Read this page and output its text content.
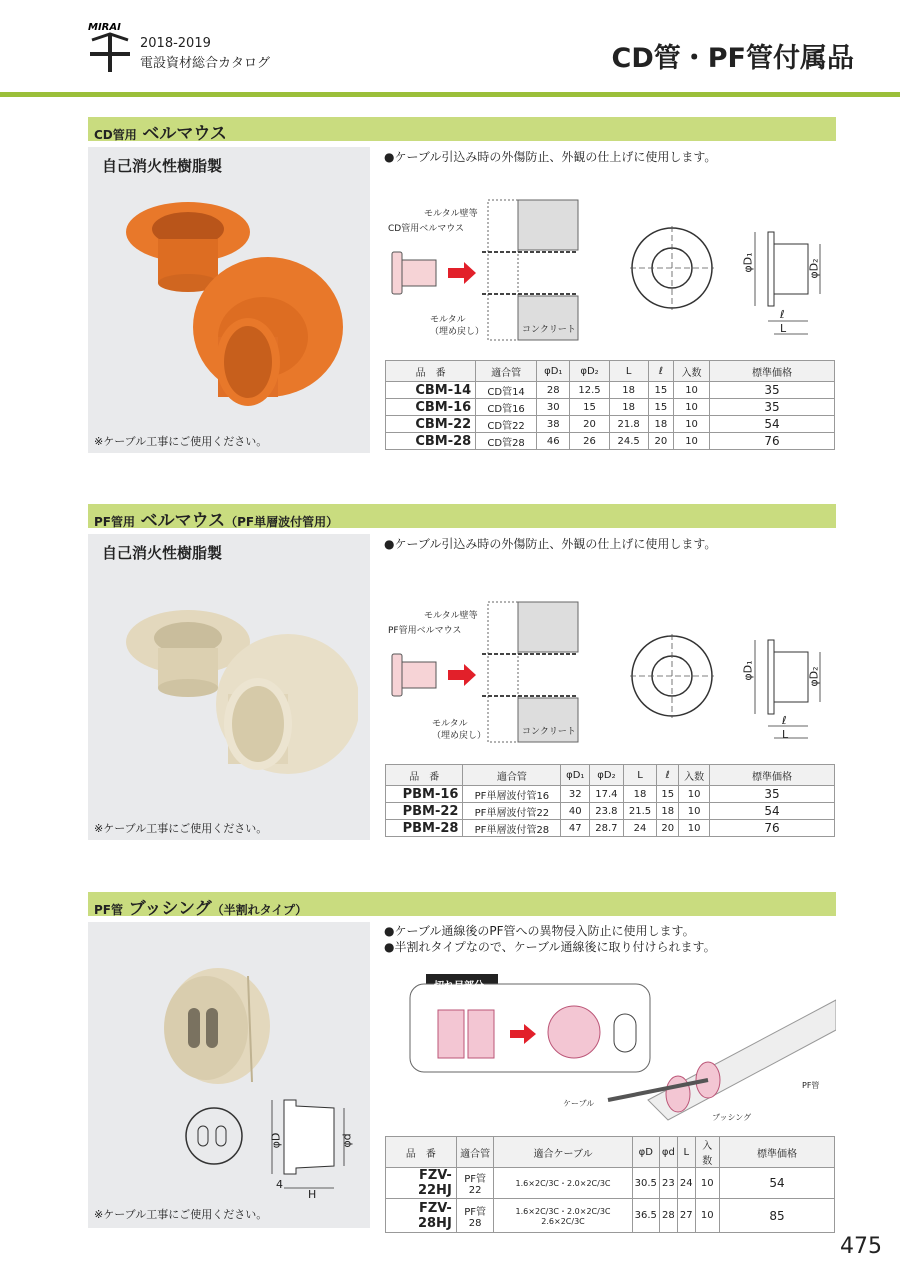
MIRAI
2018-2019
電設資材総合カタログ	CD管・PF管付属品
CD管用 ベルマウス
自己消火性樹脂製
※ケーブル工事にご使用ください。
●ケーブル引込み時の外傷防止、外観の仕上げに使用します。
モルタル壁等
CD管用ベルマウス
モルタル
（埋め戻し）	コンクリート
φD₁	φD₂
ℓ
L
品　番	適合管	φD₁	φD₂	L	ℓ	入数	標準価格
CBM-14	CD管14	28	12.5	18	15	10	35
CBM-16	CD管16	30	15	18	15	10	35
CBM-22	CD管22	38	20	21.8	18	10	54
CBM-28	CD管28	46	26	24.5	20	10	76
PF管用 ベルマウス（PF単層波付管用）
自己消火性樹脂製
※ケーブル工事にご使用ください。
●ケーブル引込み時の外傷防止、外観の仕上げに使用します。
モルタル壁等
PF管用ベルマウス
モルタル
（埋め戻し）	コンクリート
φD₁	φD₂
ℓ
L
品　番	適合管	φD₁	φD₂	L	ℓ	入数	標準価格
PBM-16	PF単層波付管16	32	17.4	18	15	10	35
PBM-22	PF単層波付管22	40	23.8	21.5	18	10	54
PBM-28	PF単層波付管28	47	28.7	24	20	10	76
PF管 ブッシング（半割れタイプ）
φD	φd
4
H
※ケーブル工事にご使用ください。
●ケーブル通線後のPF管への異物侵入防止に使用します。
●半割れタイプなので、ケーブル通線後に取り付けられます。
切れ目部分
PF管
ケーブル
ブッシング
品　番	適合管	適合ケーブル	φD	φd	L	入数	標準価格
FZV-22HJ	PF管22	1.6×2C/3C・2.0×2C/3C	30.5	23	24	10	54
FZV-28HJ	PF管28	1.6×2C/3C・2.0×2C/3C 2.6×2C/3C	36.5	28	27	10	85
475
